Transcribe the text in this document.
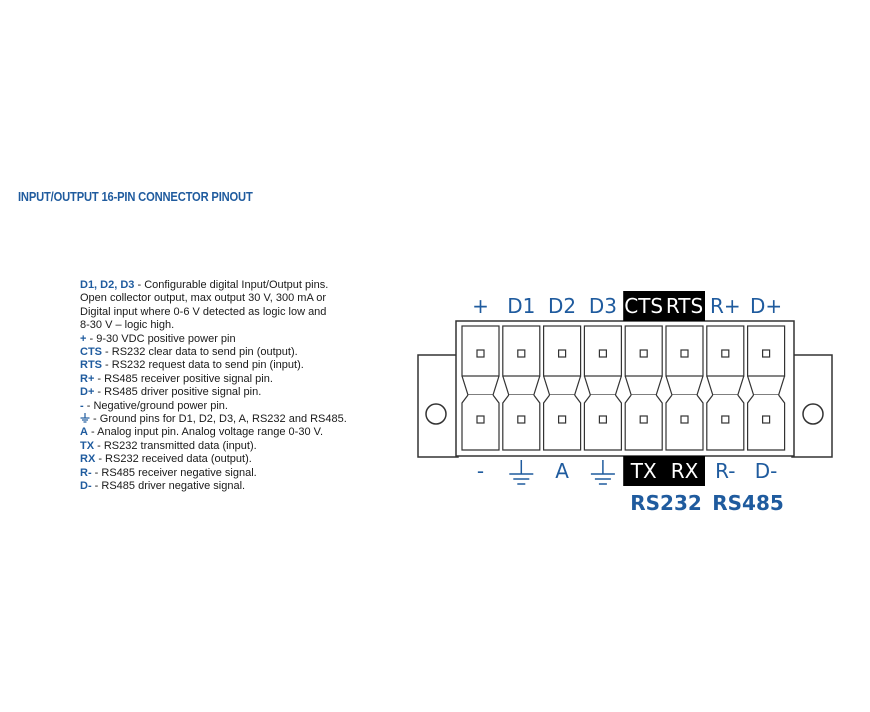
INPUT/OUTPUT 16-PIN CONNECTOR PINOUT
D1, D2, D3 - Configurable digital Input/Output pins.
Open collector output, max output 30 V, 300 mA or
Digital input where 0-6 V detected as logic low and
8-30 V – logic high.
+ - 9-30 VDC positive power pin
CTS - RS232 clear data to send pin (output).
RTS - RS232 request data to send pin (input).
R+ - RS485 receiver positive signal pin.
D+ - RS485 driver positive signal pin.
- - Negative/ground power pin.
- Ground pins for D1, D2, D3, A, RS232 and RS485.
A - Analog input pin. Analog voltage range 0-30 V.
TX - RS232 transmitted data (input).
RX - RS232 received data (output).
R- - RS485 receiver negative signal.
D- - RS485 driver negative signal.
+ D1 D2 D3 CTS RTS R+ D+
-	A	TX RX R- D-
RS232 RS485
